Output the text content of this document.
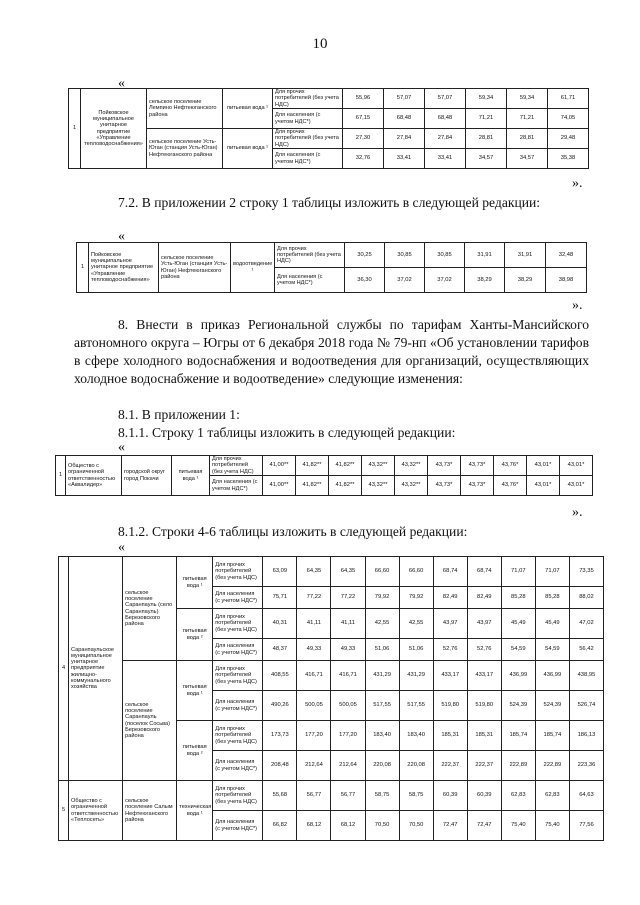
10
«
1	Пойковское муниципальное унитарное предприятие «Управление тепловодоснабжения»	сельское поселение Лемпино Нефтеюганского района	питьевая вода ¹	Для прочих потребителей (без учета НДС)	55,96	57,07	57,07	59,34	59,34	61,71
				Для населения (с учетом НДС*)	67,15	68,48	68,48	71,21	71,21	74,05
		сельское поселение Усть-Юган (станция Усть-Юган) Нефтеюганского района	питьевая вода ¹	Для прочих потребителей (без учета НДС)	27,30	27,84	27,84	28,81	28,81	29,48
				Для населения (с учетом НДС*)	32,76	33,41	33,41	34,57	34,57	35,38
».
7.2. В приложении 2 строку 1 таблицы изложить в следующей редакции:
«
1	Пойковское муниципальное унитарное предприятие «Управление тепловодоснабжения»	сельское поселение Усть-Юган (станция Усть-Юган) Нефтеюганского района	водоотведение ¹	Для прочих потребителей (без учета НДС)	30,25	30,85	30,85	31,91	31,91	32,48
				Для населения (с учетом НДС*)	36,30	37,02	37,02	38,29	38,29	38,98
».
8. Внести в приказ Региональной службы по тарифам Ханты-Мансийского автономного округа – Югры от 6 декабря 2018 года № 79-нп «Об установлении тарифов в сфере холодного водоснабжения и водоотведения для организаций, осуществляющих холодное водоснабжение и водоотведение» следующие изменения:
8.1. В приложении 1:
8.1.1. Строку 1 таблицы изложить в следующей редакции:
«
1	Общество с ограниченной ответственностью «Аквалидер»	городской округ город Покачи	питьевая вода ¹	Для прочих потребителей (без учета НДС)	41,00**	41,82**	41,82**	43,32**	43,32**	43,73*	43,73*	43,76*	43,01*	43,01*
				Для населения (с учетом НДС*)	41,00**	41,82**	41,82**	43,32**	43,32**	43,73*	43,73*	43,76*	43,01*	43,01*
».
8.1.2. Строки 4-6 таблицы изложить в следующей редакции:
«
4	Саранпаульское муниципальное унитарное предприятие жилищно-коммунального хозяйства	сельское поселение Саранпауль (село Саранпауль) Березовского района	питьевая вода ¹	Для прочих потребителей (без учета НДС)	63,09	64,35	64,35	66,60	66,60	68,74	68,74	71,07	71,07	73,35
				Для населения (с учетом НДС*)	75,71	77,22	77,22	79,92	79,92	82,49	82,49	85,28	85,28	88,02
			питьевая вода ²	Для прочих потребителей (без учета НДС)	40,31	41,11	41,11	42,55	42,55	43,97	43,97	45,49	45,49	47,02
				Для населения (с учетом НДС*)	48,37	49,33	49,33	51,06	51,06	52,76	52,76	54,59	54,59	56,42
		сельское поселение Саранпауль (поселок Сосьва) Березовского района	питьевая вода ¹	Для прочих потребителей (без учета НДС)	408,55	416,71	416,71	431,29	431,29	433,17	433,17	436,99	436,99	438,95
				Для населения (с учетом НДС*)	490,26	500,05	500,05	517,55	517,55	519,80	519,80	524,39	524,39	526,74
			питьевая вода ²	Для прочих потребителей (без учета НДС)	173,73	177,20	177,20	183,40	183,40	185,31	185,31	185,74	185,74	186,13
				Для населения (с учетом НДС*)	208,48	212,64	212,64	220,08	220,08	222,37	222,37	222,89	222,89	223,36
5	Общество с ограниченной ответственностью «Теплосеть»	сельское поселение Салым Нефтеюганского района	техническая вода ¹	Для прочих потребителей (без учета НДС)	55,68	56,77	56,77	58,75	58,75	60,39	60,39	62,83	62,83	64,63
				Для населения (с учетом НДС*)	66,82	68,12	68,12	70,50	70,50	72,47	72,47	75,40	75,40	77,56
